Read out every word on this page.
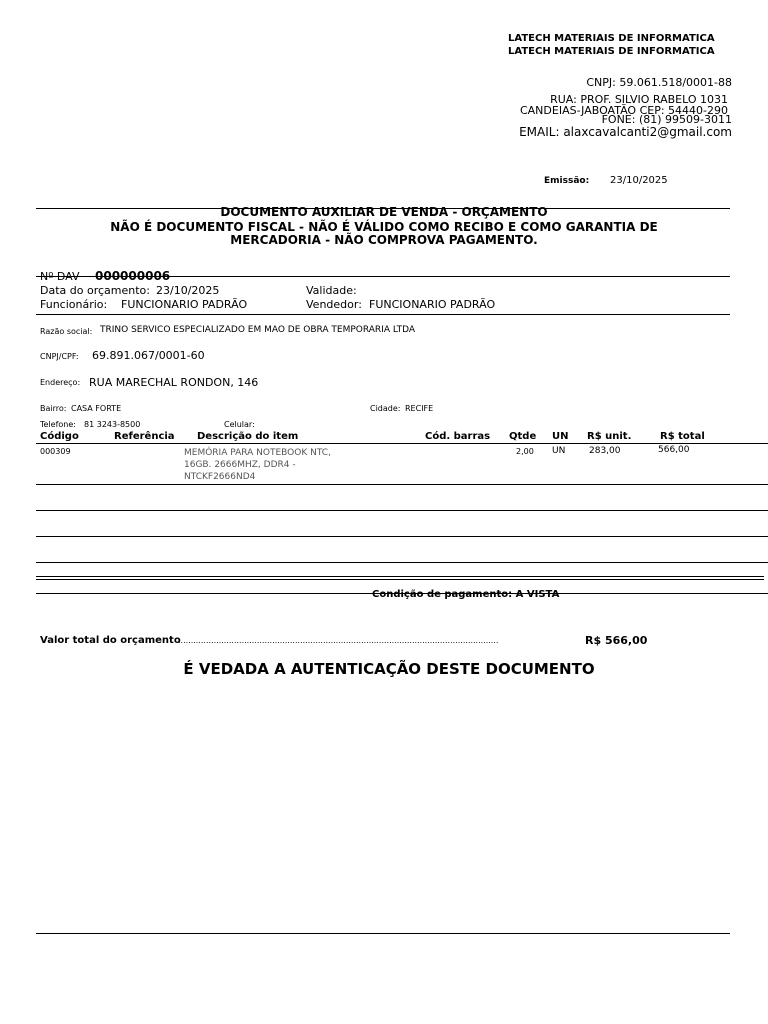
LATECH MATERIAIS DE INFORMATICA
LATECH MATERIAIS DE INFORMATICA
CNPJ: 59.061.518/0001-88
RUA: PROF. SILVIO RABELO 1031
CANDEIAS-JABOATÃO CEP: 54440-290
FONE: (81) 99509-3011
EMAIL: alaxcavalcanti2@gmail.com
Emissão: 23/10/2025
DOCUMENTO AUXILIAR DE VENDA - ORÇAMENTO
NÃO É DOCUMENTO FISCAL - NÃO É VÁLIDO COMO RECIBO E COMO GARANTIA DE
MERCADORIA - NÃO COMPROVA PAGAMENTO.
Nº DAV 000000006
Data do orçamento: 23/10/2025	Validade:
Funcionário: FUNCIONARIO PADRÃO	Vendedor: FUNCIONARIO PADRÃO
Razão social: TRINO SERVICO ESPECIALIZADO EM MAO DE OBRA TEMPORARIA LTDA
CNPJ/CPF: 69.891.067/0001-60
Endereço: RUA MARECHAL RONDON, 146
Bairro: CASA FORTE	Cidade: RECIFE
Telefone: 81 3243-8500	Celular:
Código	Referência Descrição do item	Cód. barras Qtde UN R$ unit.	R$ total
000309	MEMÓRIA PARA NOTEBOOK NTC,
16GB. 2666MHZ, DDR4 -
NTCKF2666ND4
2,00 UN	283,00	566,00
Condição de pagamento: A VISTA
Valor total do orçamento
..............................................................................................................................	R$ 566,00
É VEDADA A AUTENTICAÇÃO DESTE DOCUMENTO
